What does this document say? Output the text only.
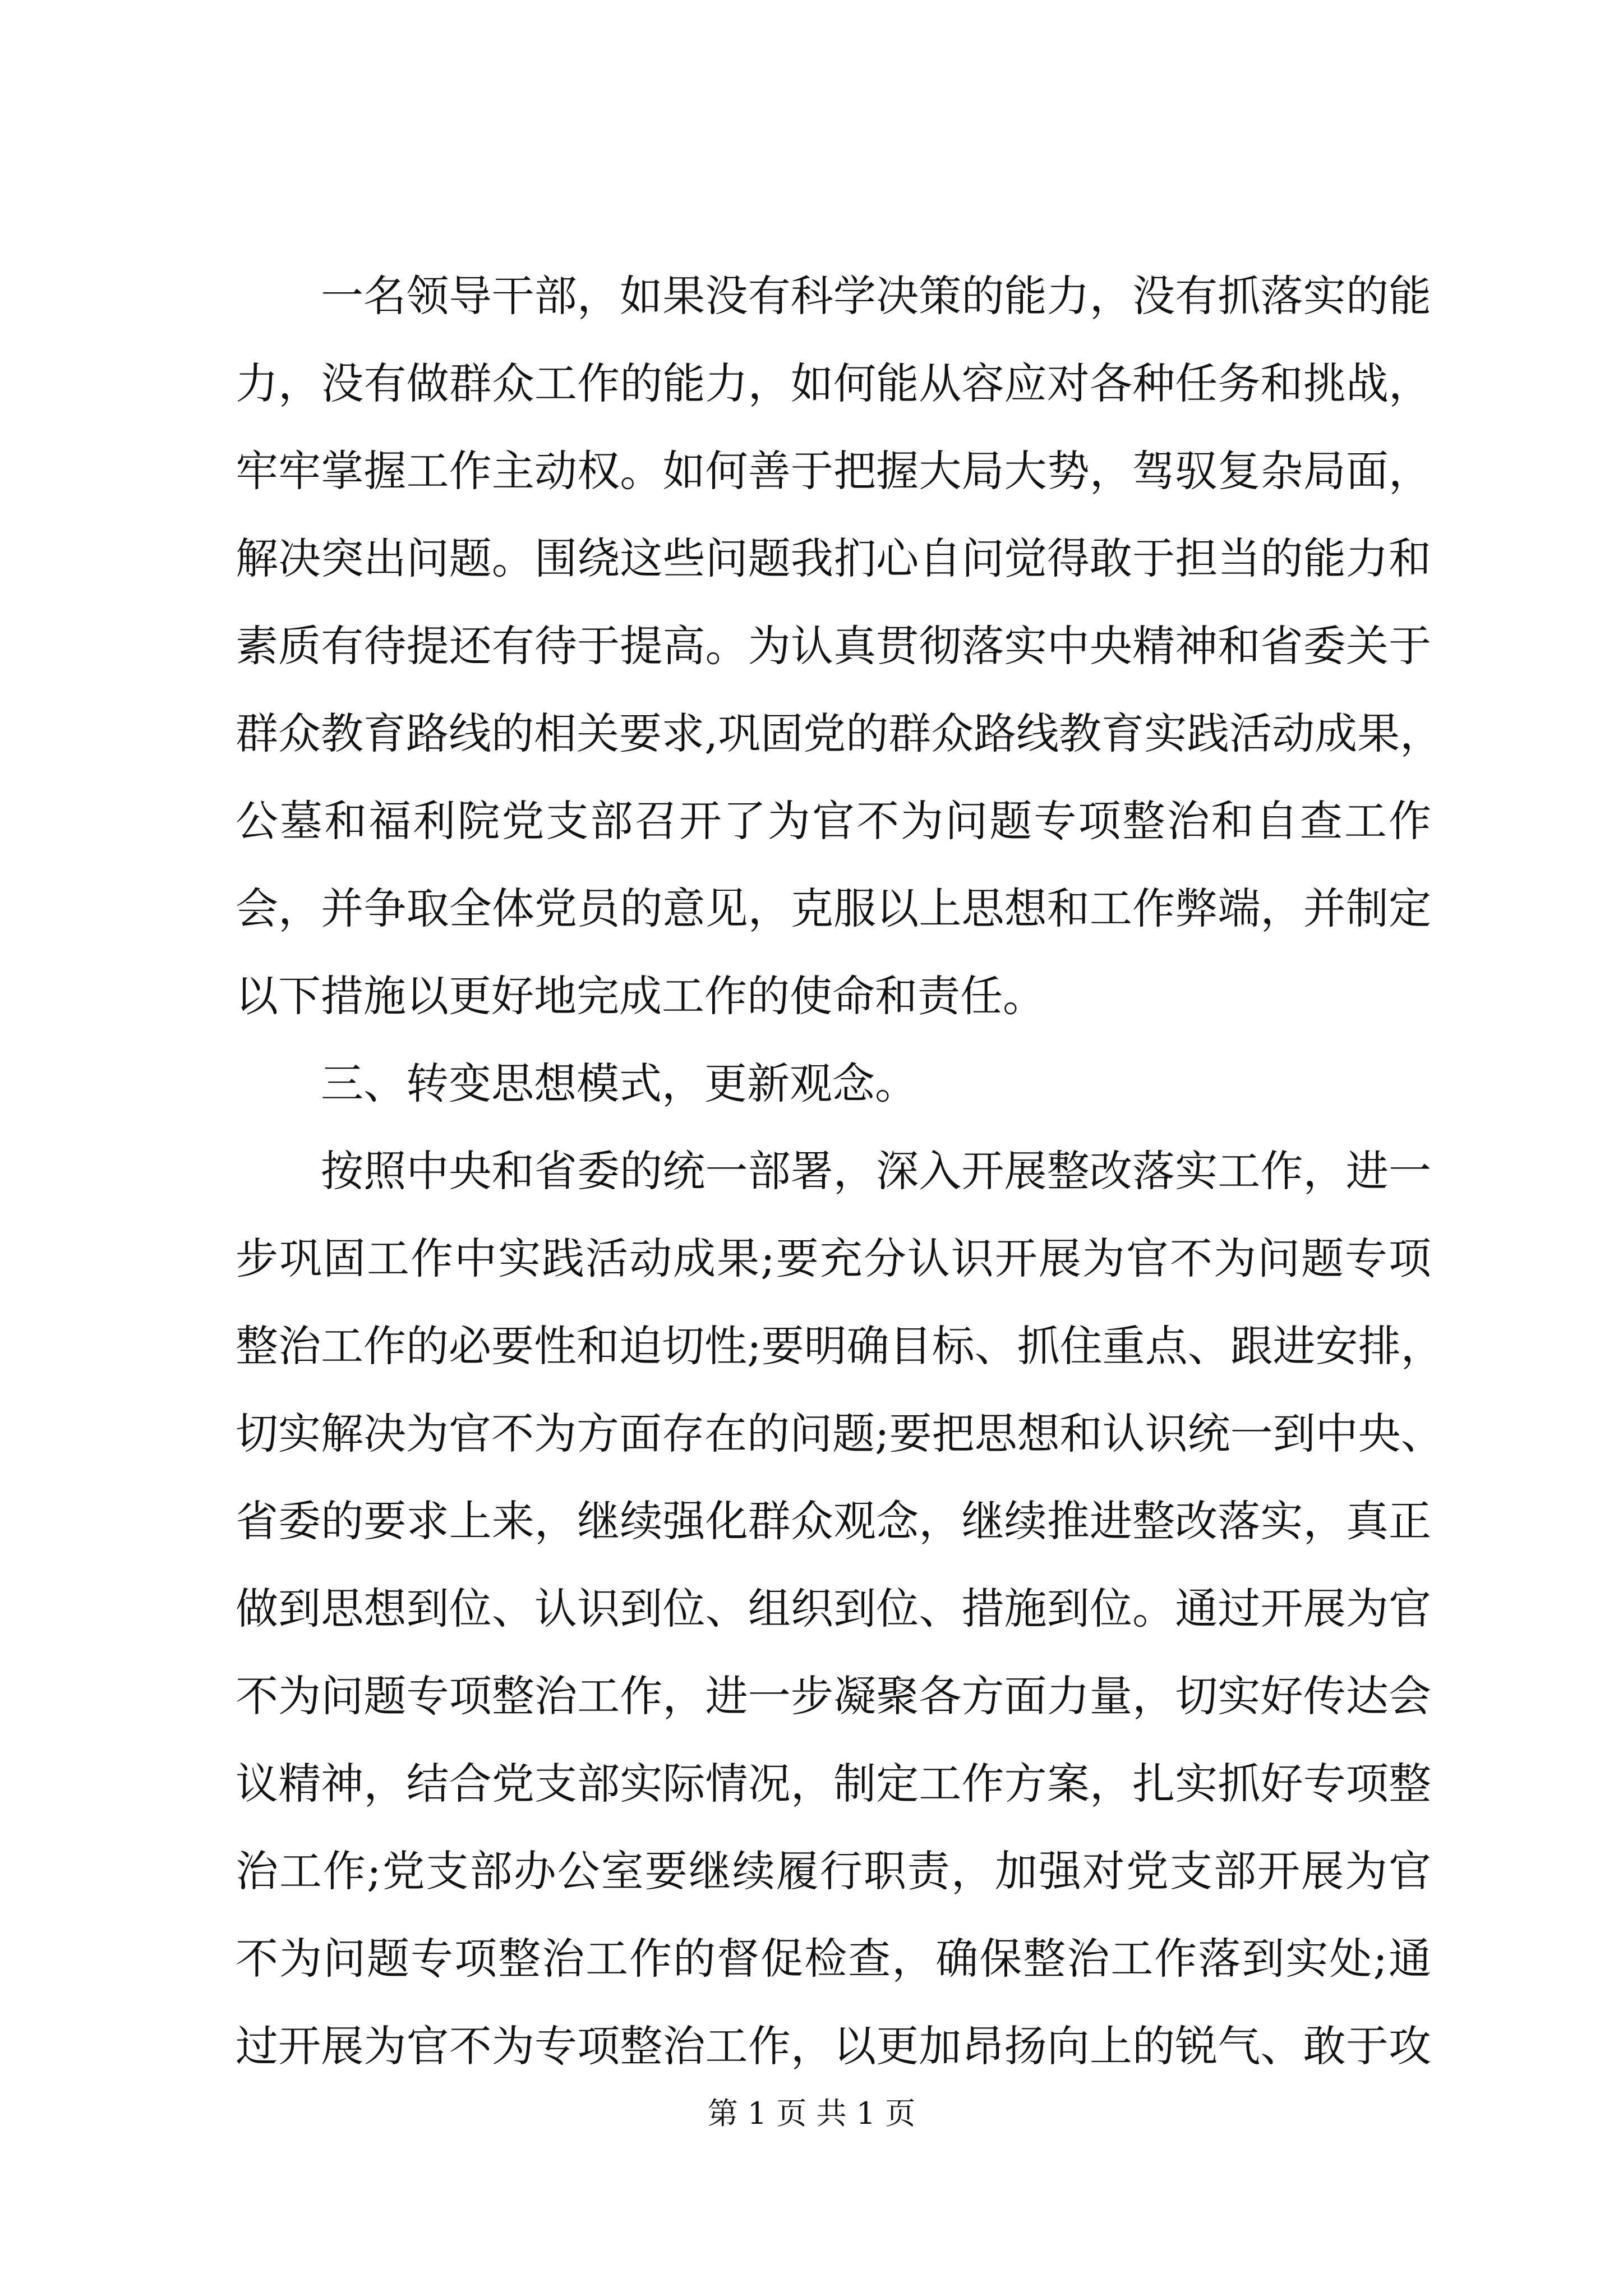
一名领导干部，如果没有科学决策的能力，没有抓落实的能
力，没有做群众工作的能力，如何能从容应对各种任务和挑战，
牢牢掌握工作主动权。如何善于把握大局大势，驾驭复杂局面，
解决突出问题。围绕这些问题我扪心自问觉得敢于担当的能力和
素质有待提还有待于提高。为认真贯彻落实中央精神和省委关于
群众教育路线的相关要求,巩固党的群众路线教育实践活动成果，
公墓和福利院党支部召开了为官不为问题专项整治和自查工作
会，并争取全体党员的意见，克服以上思想和工作弊端，并制定
以下措施以更好地完成工作的使命和责任。
三、转变思想模式，更新观念。
按照中央和省委的统一部署，深入开展整改落实工作，进一
步巩固工作中实践活动成果;要充分认识开展为官不为问题专项
整治工作的必要性和迫切性;要明确目标、抓住重点、跟进安排，
切实解决为官不为方面存在的问题;要把思想和认识统一到中央、
省委的要求上来，继续强化群众观念，继续推进整改落实，真正
做到思想到位、认识到位、组织到位、措施到位。通过开展为官
不为问题专项整治工作，进一步凝聚各方面力量，切实好传达会
议精神，结合党支部实际情况，制定工作方案，扎实抓好专项整
治工作;党支部办公室要继续履行职责，加强对党支部开展为官
不为问题专项整治工作的督促检查，确保整治工作落到实处;通
过开展为官不为专项整治工作，以更加昂扬向上的锐气、敢于攻
第 1 页 共 1 页
